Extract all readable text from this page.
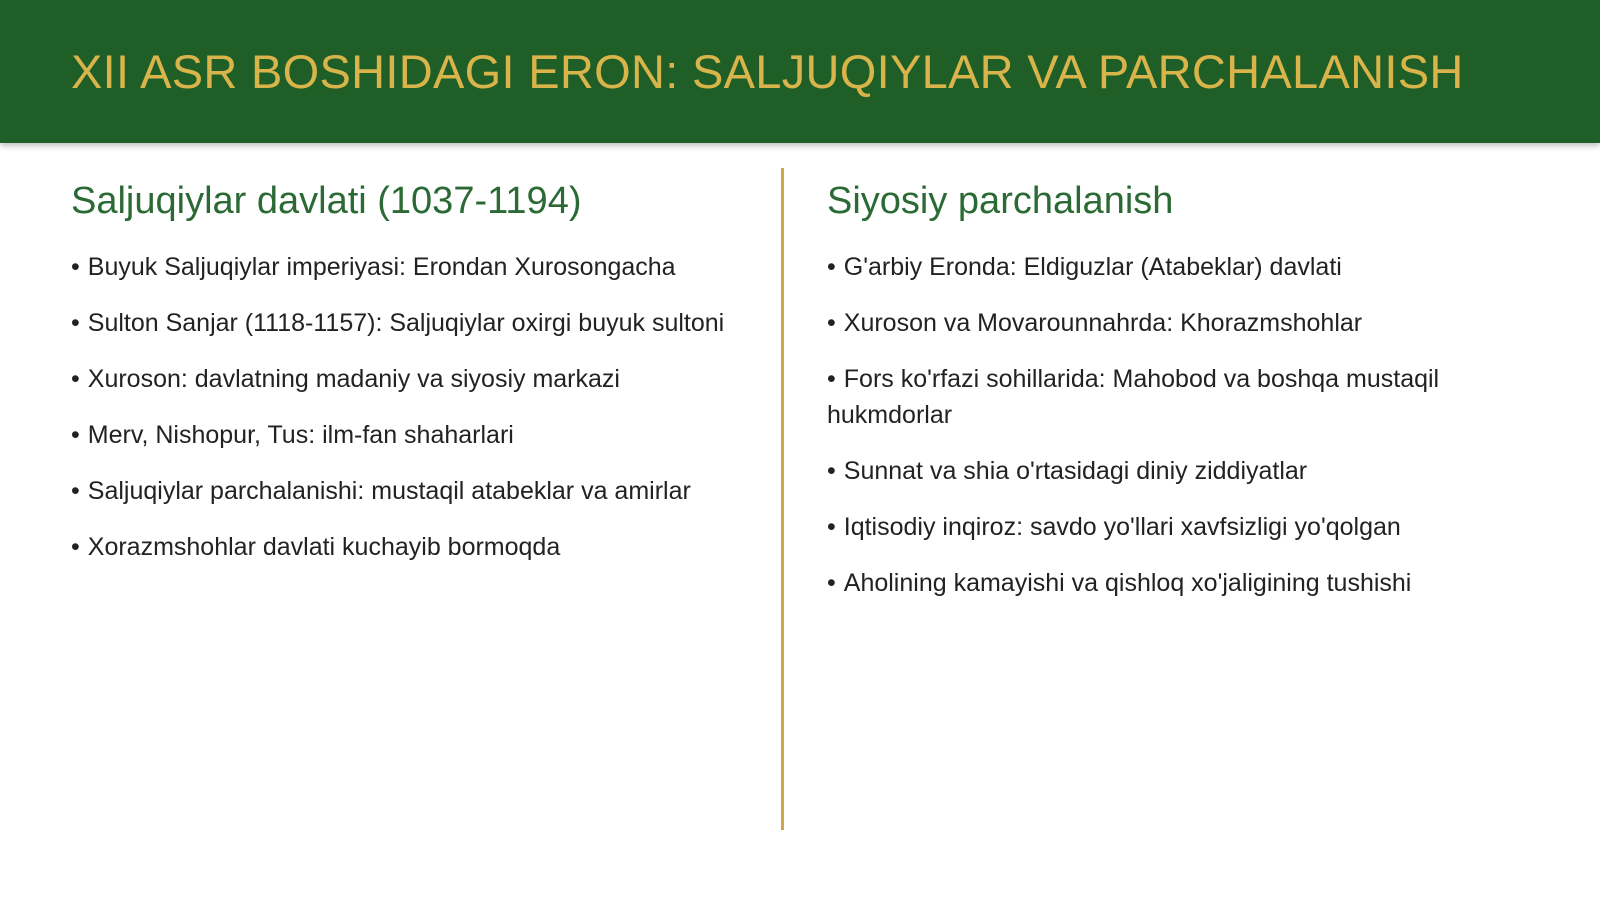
XII ASR BOSHIDAGI ERON: SALJUQIYLAR VA PARCHALANISH
Saljuqiylar davlati (1037-1194)
• Buyuk Saljuqiylar imperiyasi: Erondan Xurosongacha
• Sulton Sanjar (1118-1157): Saljuqiylar oxirgi buyuk sultoni
• Xuroson: davlatning madaniy va siyosiy markazi
• Merv, Nishopur, Tus: ilm-fan shaharlari
• Saljuqiylar parchalanishi: mustaqil atabeklar va amirlar
• Xorazmshohlar davlati kuchayib bormoqda
Siyosiy parchalanish
• G'arbiy Eronda: Eldiguzlar (Atabeklar) davlati
• Xuroson va Movarounnahrda: Khorazmshohlar
• Fors ko'rfazi sohillarida: Mahobod va boshqa mustaqil hukmdorlar
• Sunnat va shia o'rtasidagi diniy ziddiyatlar
• Iqtisodiy inqiroz: savdo yo'llari xavfsizligi yo'qolgan
• Aholining kamayishi va qishloq xo'jaligining tushishi
